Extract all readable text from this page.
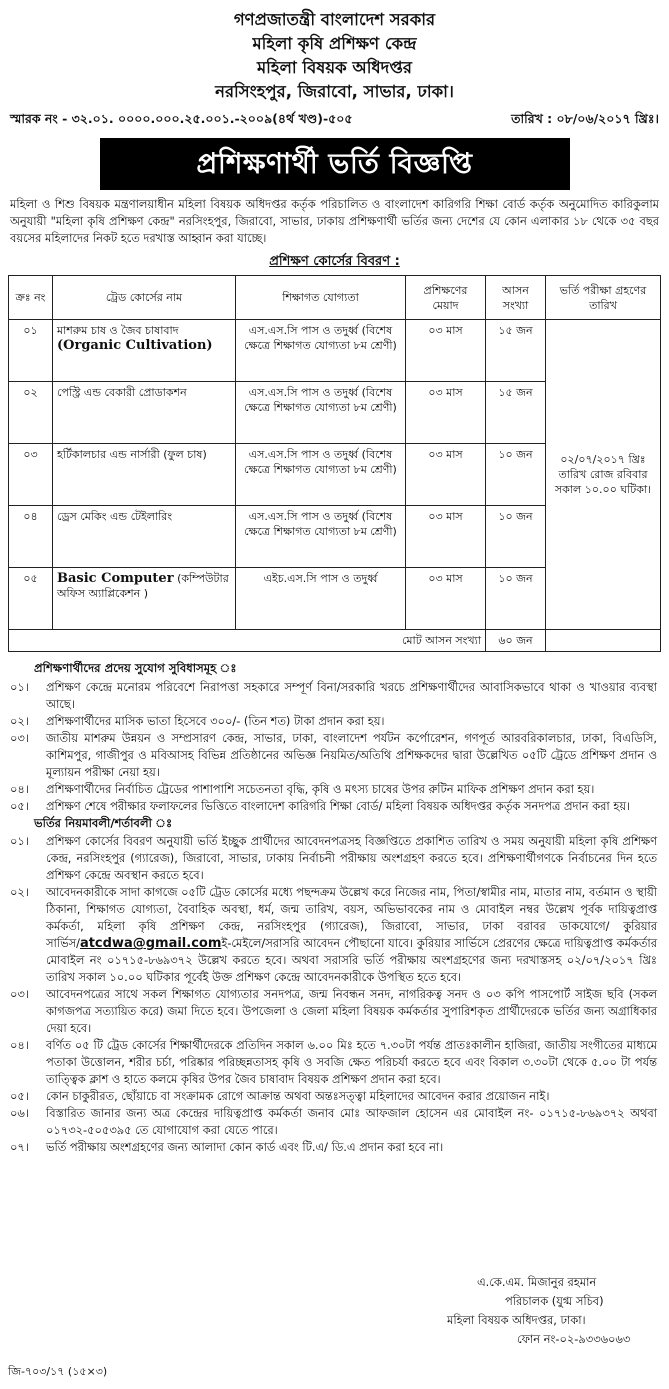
গণপ্রজাতন্ত্রী বাংলাদেশ সরকার
মহিলা কৃষি প্রশিক্ষণ কেন্দ্র
মহিলা বিষয়ক অধিদপ্তর
নরসিংহপুর, জিরাবো, সাভার, ঢাকা।
স্মারক নং - ৩২.০১. ০০০০.০০০.২৫.০০১.-২০০৯(৪র্থ খণ্ড)-৫০৫	তারিখ : ০৮/০৬/২০১৭ খ্রিঃ।
প্রশিক্ষণার্থী ভর্তি বিজ্ঞপ্তি

মহিলা ও শিশু বিষয়ক মন্ত্রণালয়াধীন মহিলা বিষয়ক অধিদপ্তর কর্তৃক পরিচালিত ও বাংলাদেশ কারিগরি শিক্ষা বোর্ড কর্তৃক অনুমোদিত কারিকুলাম অনুযায়ী "মহিলা কৃষি প্রশিক্ষণ কেন্দ্র" নরসিংহপুর, জিরাবো, সাভার, ঢাকায় প্রশিক্ষণার্থী ভর্তির জন্য দেশের যে কোন এলাকার ১৮ থেকে ৩৫ বছর বয়সের মহিলাদের নিকট হতে দরখাস্ত আহ্বান করা যাচ্ছে।

প্রশিক্ষণ কোর্সের বিবরণ :
ক্রঃ নং	ট্রেড কোর্সের নাম	শিক্ষাগত যোগ্যতা	প্রশিক্ষণের মেয়াদ	আসন সংখ্যা	ভর্তি পরীক্ষা গ্রহণের তারিখ
০১	মাশরুম চাষ ও জৈব চাষাবাদ
(Organic Cultivation)	এস.এস.সি পাস ও তদুর্ধ্ব (বিশেষ ক্ষেত্রে শিক্ষাগত যোগ্যতা ৮ম শ্রেণী)	০৩ মাস	১৫ জন	০২/০৭/২০১৭ খ্রিঃ তারিখ রোজ রবিবার সকাল ১০.০০ ঘটিকা।
০২	পেস্ট্রি এন্ড বেকারী প্রোডাকশন	এস.এস.সি পাস ও তদুর্ধ্ব (বিশেষ ক্ষেত্রে শিক্ষাগত যোগ্যতা ৮ম শ্রেণী)	০৩ মাস	১৫ জন	
০৩	হর্টিকালচার এন্ড নার্সারী (ফুল চাষ)	এস.এস.সি পাস ও তদুর্ধ্ব (বিশেষ ক্ষেত্রে শিক্ষাগত যোগ্যতা ৮ম শ্রেণী)	০৩ মাস	১০ জন	
০৪	ড্রেস মেকিং এন্ড টেইলারিং	এস.এস.সি পাস ও তদুর্ধ্ব (বিশেষ ক্ষেত্রে শিক্ষাগত যোগ্যতা ৮ম শ্রেণী)	০৩ মাস	১০ জন	
০৫	Basic Computer (কম্পিউটার অফিস অ্যাপ্লিকেশন )	এইচ.এস.সি পাস ও তদুর্ধ্ব	০৩ মাস	১০ জন	
মোট আসন সংখ্যা				৬০ জন	
প্রশিক্ষণার্থীদের প্রদেয় সুযোগ সুবিধাসমূহ ঃ
০১।	প্রশিক্ষণ কেন্দ্রে মনোরম পরিবেশে নিরাপত্তা সহকারে সম্পূর্ণ বিনা/সরকারি খরচে প্রশিক্ষণার্থীদের আবাসিকভাবে থাকা ও খাওয়ার ব্যবস্থা আছে।
০২।	প্রশিক্ষণার্থীদের মাসিক ভাতা হিসেবে ৩০০/- (তিন শত) টাকা প্রদান করা হয়।
০৩।	জাতীয় মাশরুম উন্নয়ন ও সম্প্রসারণ কেন্দ্র, সাভার, ঢাকা, বাংলাদেশ পর্যটন কর্পোরেশন, গণপূর্ত আরবরিকালচার, ঢাকা, বিএডিসি, কাশিমপুর, গাজীপুর ও মবিআসহ বিভিন্ন প্রতিষ্ঠানের অভিজ্ঞ নিয়মিত/অতিথি প্রশিক্ষকদের দ্বারা উল্লেখিত ০৫টি ট্রেডে প্রশিক্ষণ প্রদান ও মূল্যায়ন পরীক্ষা নেয়া হয়।
০৪।	প্রশিক্ষণার্থীদের নির্বাচিত ট্রেডের পাশাপাশি সচেতনতা বৃদ্ধি, কৃষি ও মৎস্য চাষের উপর রুটিন মাফিক প্রশিক্ষণ প্রদান করা হয়।
০৫।	প্রশিক্ষণ শেষে পরীক্ষার ফলাফলের ভিত্তিতে বাংলাদেশ কারিগরি শিক্ষা বোর্ড/ মহিলা বিষয়ক অধিদপ্তর কর্তৃক সনদপত্র প্রদান করা হয়।
ভর্তির নিয়মাবলী/শর্তাবলী ঃ
০১।	প্রশিক্ষণ কোর্সের বিবরণ অনুযায়ী ভর্তি ইচ্ছুক প্রার্থীদের আবেদনপত্রসহ বিজ্ঞপ্তিতে প্রকাশিত তারিখ ও সময় অনুযায়ী মহিলা কৃষি প্রশিক্ষণ কেন্দ্র, নরসিংহপুর (গ্যারেজ), জিরাবো, সাভার, ঢাকায় নির্বাচনী পরীক্ষায় অংশগ্রহণ করতে হবে। প্রশিক্ষণার্থীগণকে নির্বাচনের দিন হতে প্রশিক্ষণ কেন্দ্রে অবস্থান করতে হবে।
০২।	আবেদনকারীকে সাদা কাগজে ০৫টি ট্রেড কোর্সের মধ্যে পছন্দক্রম উল্লেখ করে নিজের নাম, পিতা/স্বামীর নাম, মাতার নাম, বর্তমান ও স্থায়ী ঠিকানা, শিক্ষাগত যোগ্যতা, বৈবাহিক অবস্থা, ধর্ম, জন্ম তারিখ, বয়স, অভিভাবকের নাম ও মোবাইল নম্বর উল্লেখ পূর্বক দায়িত্বপ্রাপ্ত কর্মকর্তা, মহিলা কৃষি প্রশিক্ষণ কেন্দ্র, নরসিংহপুর (গ্যারেজ), জিরাবো, সাভার, ঢাকা বরাবর ডাকযোগে/ কুরিয়ার সার্ভিস/atcdwa@gmail.comই-মেইলে/সরাসরি আবেদন পৌছানো যাবে। কুরিয়ার সার্ভিসে প্রেরণের ক্ষেত্রে দায়িত্বপ্রাপ্ত কর্মকর্তার মোবাইল নং ০১৭১৫-৮৬৯৩৭২ উল্লেখ করতে হবে। অথবা সরাসরি ভর্তি পরীক্ষায় অংশগ্রহণের জন্য দরখাস্তসহ ০২/০৭/২০১৭ খ্রিঃ তারিখ সকাল ১০.০০ ঘটিকার পূর্বেই উক্ত প্রশিক্ষণ কেন্দ্রে আবেদনকারীকে উপস্থিত হতে হবে।
০৩।	আবেদনপত্রের সাথে সকল শিক্ষাগত যোগ্যতার সনদপত্র, জন্ম নিবন্ধন সনদ, নাগরিকত্ব সনদ ও ০৩ কপি পাসপোর্ট সাইজ ছবি (সকল কাগজপত্র সত্যায়িত করে) জমা দিতে হবে। উপজেলা ও জেলা মহিলা বিষয়ক কর্মকর্তার সুপারিশকৃত প্রার্থীদেরকে ভর্তির জন্য অগ্রাধিকার দেয়া হবে।
০৪।	বর্ণিত ০৫ টি ট্রেড কোর্সের শিক্ষার্থীদেরকে প্রতিদিন সকাল ৬.০০ মিঃ হতে ৭.৩০টা পর্যন্ত প্রাতঃকালীন হাজিরা, জাতীয় সংগীতের মাধ্যমে পতাকা উত্তোলন, শরীর চর্চা, পরিষ্কার পরিচ্ছন্নতাসহ কৃষি ও সবজি ক্ষেত পরিচর্যা করতে হবে এবং বিকাল ৩.৩০টা থেকে ৫.০০ টা পর্যন্ত তাত্ত্বিক ক্লাশ ও হাতে কলমে কৃষির উপর জৈব চাষাবাদ বিষয়ক প্রশিক্ষণ প্রদান করা হবে।
০৫।	কোন চাকুরীরত, ছোঁয়াচে বা সংক্রামক রোগে আক্রান্ত অথবা অন্তঃসত্ত্বা মহিলাদের আবেদন করার প্রয়োজন নাই।
০৬।	বিস্তারিত জানার জন্য অত্র কেন্দ্রের দায়িত্বপ্রাপ্ত কর্মকর্তা জনাব মোঃ আফজাল হোসেন এর মোবাইল নং- ০১৭১৫-৮৬৯৩৭২ অথবা ০১৭৩২-৫০৫৩৯৫ তে যোগাযোগ করা যেতে পারে।
০৭।	ভর্তি পরীক্ষায় অংশগ্রহণের জন্য আলাদা কোন কার্ড এবং টি.এ/ ডি.এ প্রদান করা হবে না।
এ.কে.এম. মিজানুর রহমান
পরিচালক (যুগ্ম সচিব)
মহিলা বিষয়ক অধিদপ্তর, ঢাকা।
ফোন নং-০২-৯৩৩৬০৬৩
জি-৭০৩/১৭ (১৫×৩)
